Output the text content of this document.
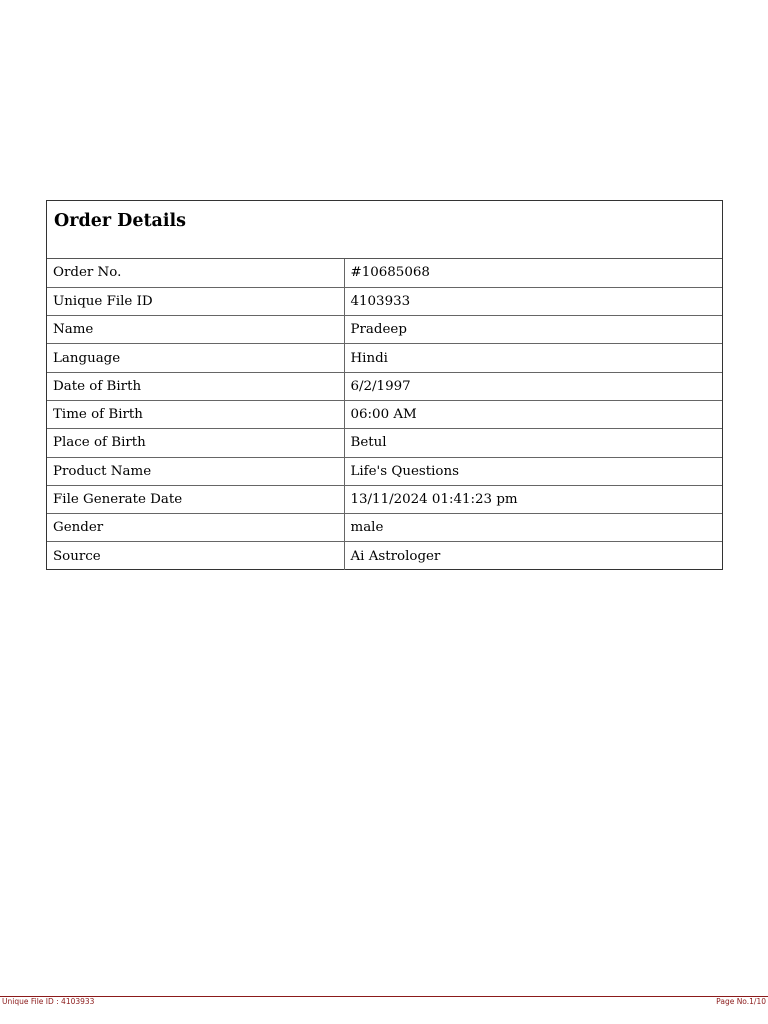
Order Details
Order No.	#10685068
Unique File ID	4103933
Name	Pradeep
Language	Hindi
Date of Birth	6/2/1997
Time of Birth	06:00 AM
Place of Birth	Betul
Product Name	Life's Questions
File Generate Date	13/11/2024 01:41:23 pm
Gender	male
Source	Ai Astrologer
Unique File ID : 4103933	Page No.1/10
